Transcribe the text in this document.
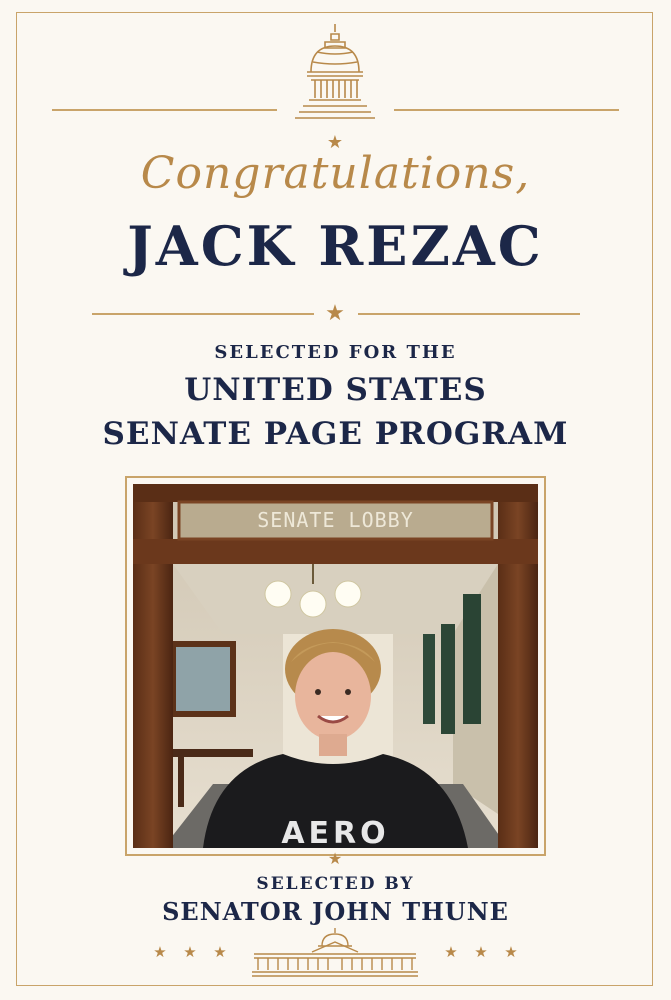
★
Congratulations,
JACK REZAC
★
SELECTED FOR THE
UNITED STATES
SENATE PAGE PROGRAM
SENATE LOBBY
AERO
★
SELECTED BY
SENATOR JOHN THUNE
★ ★ ★	★ ★ ★
